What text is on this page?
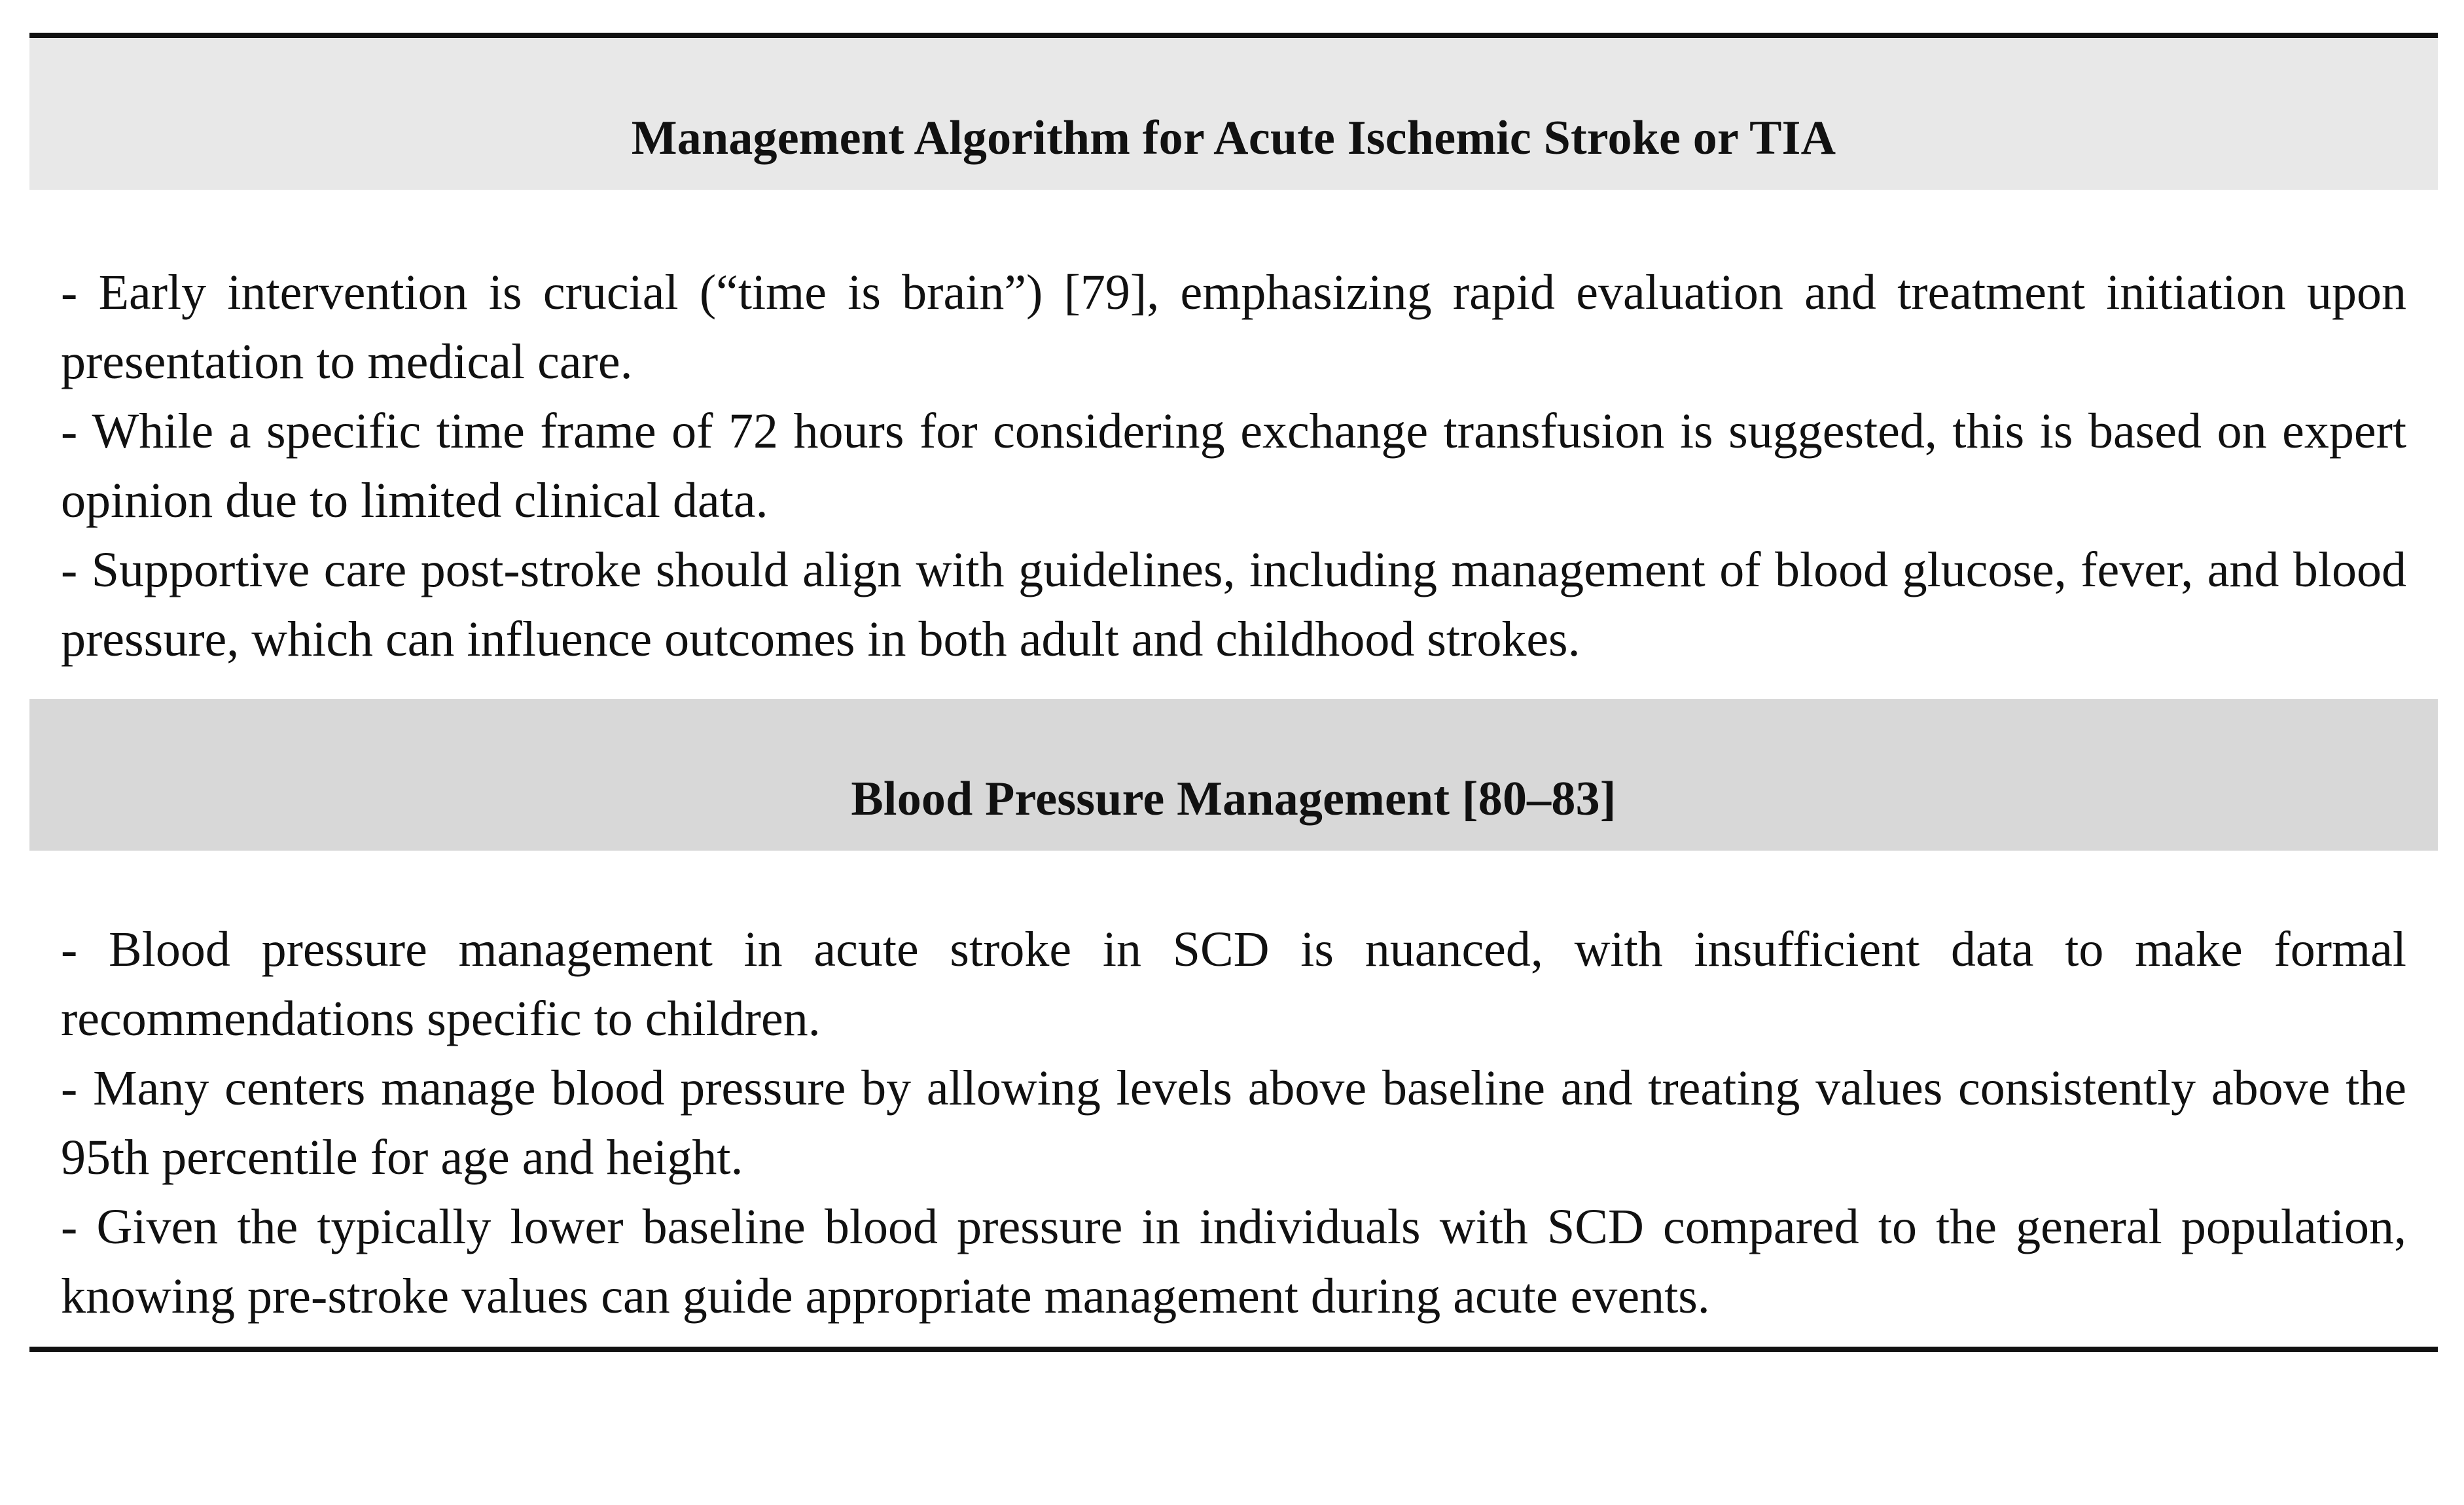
Management Algorithm for Acute Ischemic Stroke or TIA

- Early intervention is crucial (“time is brain”) [79], emphasizing rapid evaluation and treatment initiation upon presentation to medical care.

- While a specific time frame of 72 hours for considering exchange transfusion is suggested, this is based on expert opinion due to limited clinical data.

- Supportive care post-stroke should align with guidelines, including management of blood glucose, fever, and blood pressure, which can influence outcomes in both adult and childhood strokes.

Blood Pressure Management [80–83]

- Blood pressure management in acute stroke in SCD is nuanced, with insufficient data to make formal recommendations specific to children.

- Many centers manage blood pressure by allowing levels above baseline and treating values consistently above the 95th percentile for age and height.

- Given the typically lower baseline blood pressure in individuals with SCD compared to the general population, knowing pre-stroke values can guide appropriate management during acute events.
